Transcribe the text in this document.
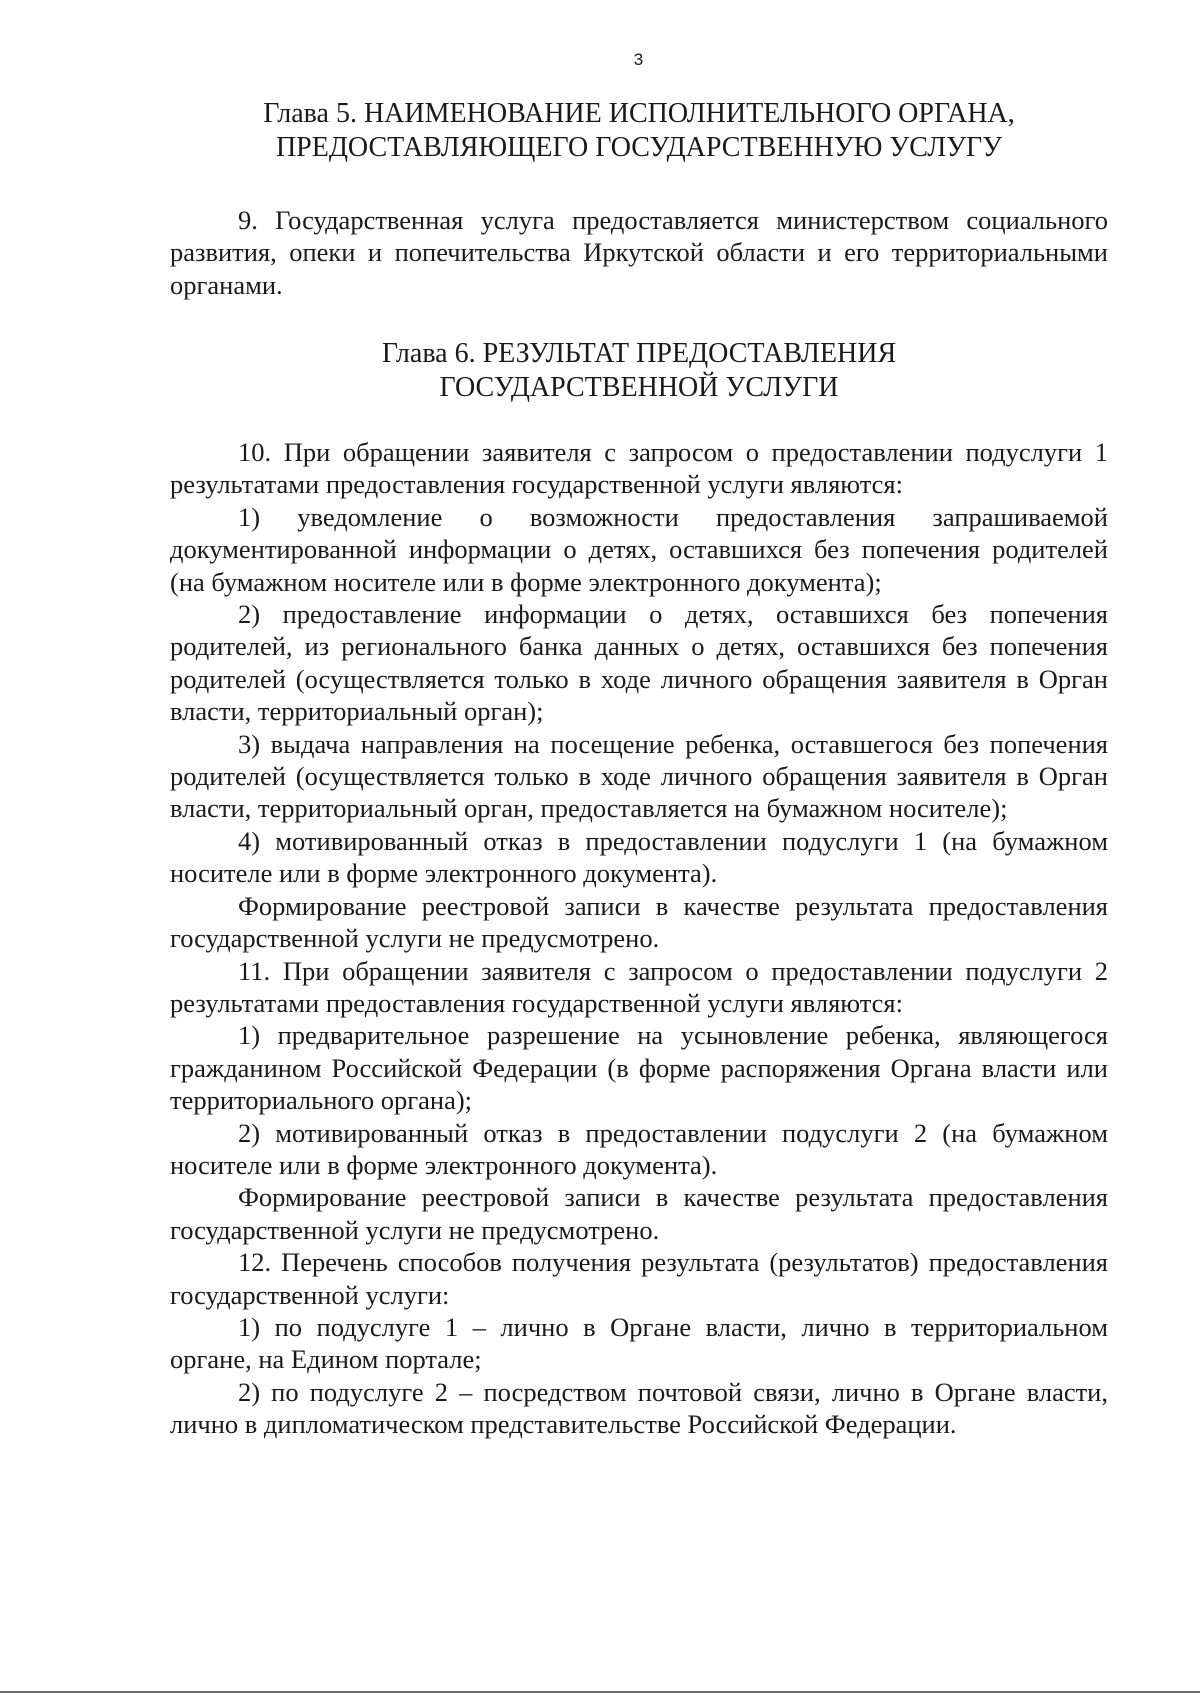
3
Глава 5. НАИМЕНОВАНИЕ ИСПОЛНИТЕЛЬНОГО ОРГАНА,
ПРЕДОСТАВЛЯЮЩЕГО ГОСУДАРСТВЕННУЮ УСЛУГУ

9. Государственная услуга предоставляется министерством социального развития, опеки и попечительства Иркутской области и его территориальными органами.

Глава 6. РЕЗУЛЬТАТ ПРЕДОСТАВЛЕНИЯ
ГОСУДАРСТВЕННОЙ УСЛУГИ

10. При обращении заявителя с запросом о предоставлении подуслуги 1 результатами предоставления государственной услуги являются:

1) уведомление о возможности предоставления запрашиваемой документированной информации о детях, оставшихся без попечения родителей (на бумажном носителе или в форме электронного документа);

2) предоставление информации о детях, оставшихся без попечения родителей, из регионального банка данных о детях, оставшихся без попечения родителей (осуществляется только в ходе личного обращения заявителя в Орган власти, территориальный орган);

3) выдача направления на посещение ребенка, оставшегося без попечения родителей (осуществляется только в ходе личного обращения заявителя в Орган власти, территориальный орган, предоставляется на бумажном носителе);

4) мотивированный отказ в предоставлении подуслуги 1 (на бумажном носителе или в форме электронного документа).

Формирование реестровой записи в качестве результата предоставления государственной услуги не предусмотрено.

11. При обращении заявителя с запросом о предоставлении подуслуги 2 результатами предоставления государственной услуги являются:

1) предварительное разрешение на усыновление ребенка, являющегося гражданином Российской Федерации (в форме распоряжения Органа власти или территориального органа);

2) мотивированный отказ в предоставлении подуслуги 2 (на бумажном носителе или в форме электронного документа).

Формирование реестровой записи в качестве результата предоставления государственной услуги не предусмотрено.

12. Перечень способов получения результата (результатов) предоставления государственной услуги:

1) по подуслуге 1 – лично в Органе власти, лично в территориальном органе, на Едином портале;

2) по подуслуге 2 – посредством почтовой связи, лично в Органе власти, лично в дипломатическом представительстве Российской Федерации.
